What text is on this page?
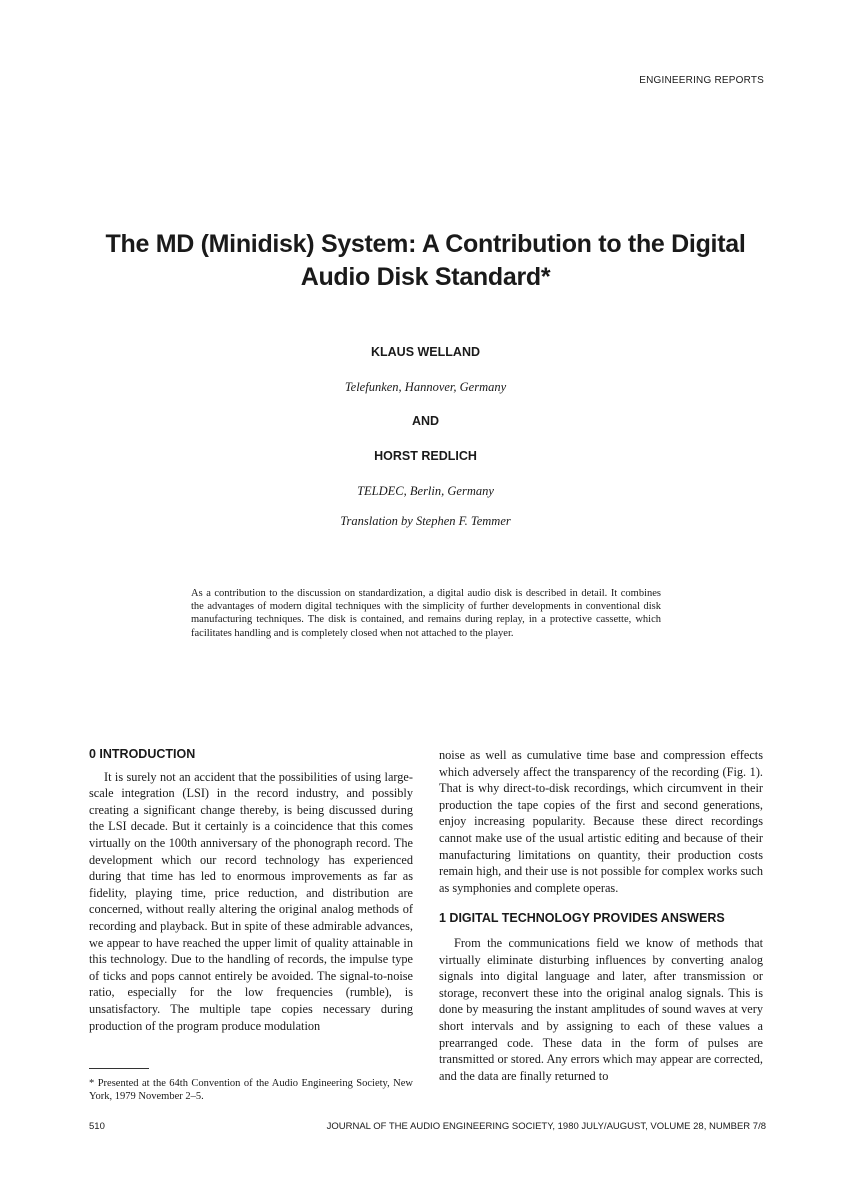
ENGINEERING REPORTS
The MD (Minidisk) System: A Contribution to the Digital
Audio Disk Standard*
KLAUS WELLAND
Telefunken, Hannover, Germany
AND
HORST REDLICH
TELDEC, Berlin, Germany
Translation by Stephen F. Temmer
As a contribution to the discussion on standardization, a digital audio disk is described in detail. It combines the advantages of modern digital techniques with the simplicity of further developments in conventional disk manufacturing techniques. The disk is contained, and remains during replay, in a protective cassette, which facilitates handling and is completely closed when not attached to the player.
0 INTRODUCTION

It is surely not an accident that the possibilities of using large-scale integration (LSI) in the record industry, and possibly creating a significant change thereby, is being discussed during the LSI decade. But it certainly is a coincidence that this comes virtually on the 100th anniversary of the phonograph record. The development which our record technology has experienced during that time has led to enormous improvements as far as fidelity, playing time, price reduction, and distribution are concerned, without really altering the original analog methods of recording and playback. But in spite of these admirable advances, we appear to have reached the upper limit of quality attainable in this technology. Due to the handling of records, the impulse type of ticks and pops cannot entirely be avoided. The signal-to-noise ratio, especially for the low frequencies (rumble), is unsatisfactory. The multiple tape copies necessary during production of the program produce modulation

* Presented at the 64th Convention of the Audio Engineering Society, New York, 1979 November 2–5.

noise as well as cumulative time base and compression effects which adversely affect the transparency of the recording (Fig. 1). That is why direct-to-disk recordings, which circumvent in their production the tape copies of the first and second generations, enjoy increasing popularity. Because these direct recordings cannot make use of the usual artistic editing and because of their manufacturing limitations on quantity, their production costs remain high, and their use is not possible for complex works such as symphonies and complete operas.

1 DIGITAL TECHNOLOGY PROVIDES ANSWERS

From the communications field we know of methods that virtually eliminate disturbing influences by converting analog signals into digital language and later, after transmission or storage, reconvert these into the original analog signals. This is done by measuring the instant amplitudes of sound waves at very short intervals and by assigning to each of these values a prearranged code. These data in the form of pulses are transmitted or stored. Any errors which may appear are corrected, and the data are finally returned to

510	JOURNAL OF THE AUDIO ENGINEERING SOCIETY, 1980 JULY/AUGUST, VOLUME 28, NUMBER 7/8
